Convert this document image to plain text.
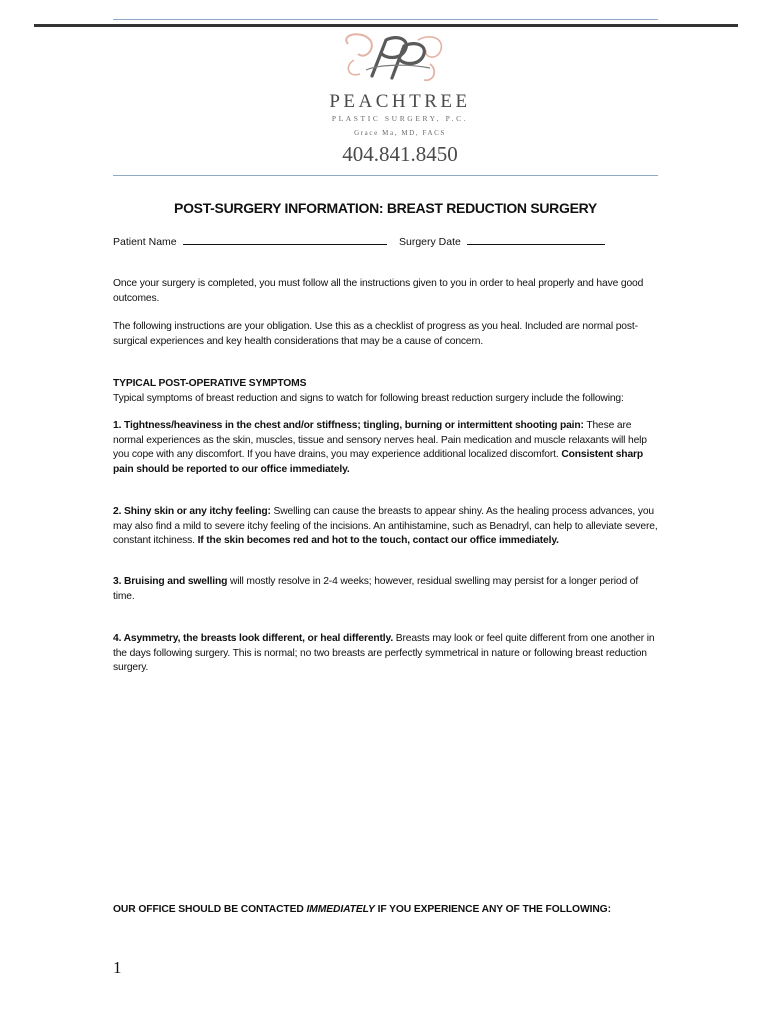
PEACHTREE
PLASTIC SURGERY, P.C.
Grace Ma, MD, FACS
404.841.8450
POST-SURGERY INFORMATION: BREAST REDUCTION SURGERY
Patient Name	Surgery Date
Once your surgery is completed, you must follow all the instructions given to you in order to heal properly and have good outcomes.
The following instructions are your obligation. Use this as a checklist of progress as you heal. Included are normal post-surgical experiences and key health considerations that may be a cause of concern.
TYPICAL POST-OPERATIVE SYMPTOMS
Typical symptoms of breast reduction and signs to watch for following breast reduction surgery include the following:
1. Tightness/heaviness in the chest and/or stiffness; tingling, burning or intermittent shooting pain: These are normal experiences as the skin, muscles, tissue and sensory nerves heal. Pain medication and muscle relaxants will help you cope with any discomfort. If you have drains, you may experience additional localized discomfort. Consistent sharp pain should be reported to our office immediately.
2. Shiny skin or any itchy feeling: Swelling can cause the breasts to appear shiny. As the healing process advances, you may also find a mild to severe itchy feeling of the incisions. An antihistamine, such as Benadryl, can help to alleviate severe, constant itchiness. If the skin becomes red and hot to the touch, contact our office immediately.
3. Bruising and swelling will mostly resolve in 2-4 weeks; however, residual swelling may persist for a longer period of time.
4. Asymmetry, the breasts look different, or heal differently. Breasts may look or feel quite different from one another in the days following surgery. This is normal; no two breasts are perfectly symmetrical in nature or following breast reduction surgery.
OUR OFFICE SHOULD BE CONTACTED IMMEDIATELY IF YOU EXPERIENCE ANY OF THE FOLLOWING:
1
